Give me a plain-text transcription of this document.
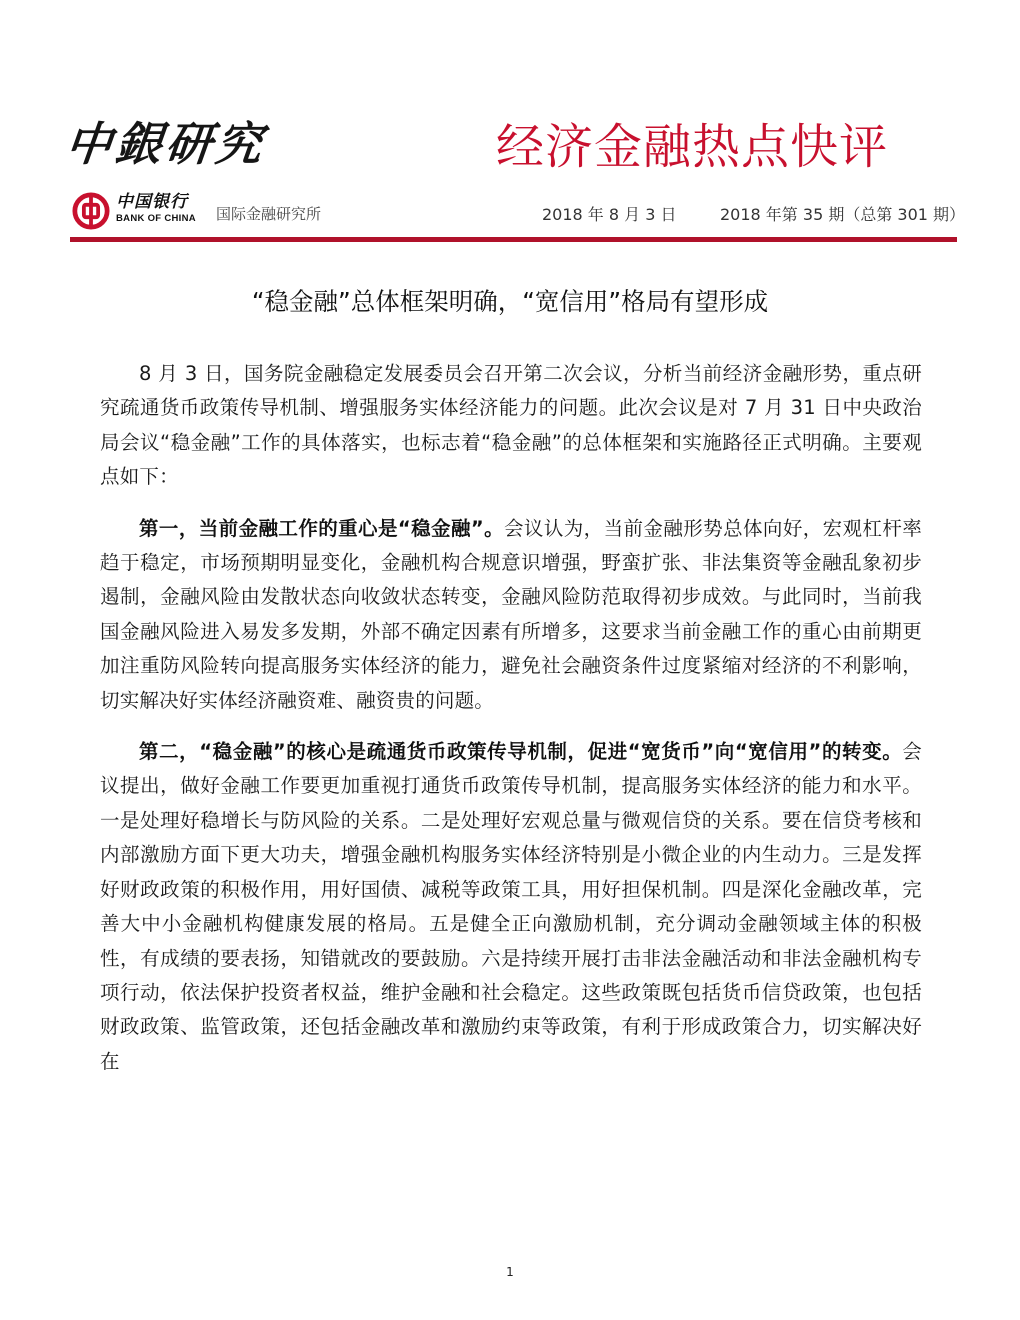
中銀研究	经济金融热点快评
中国银行
BANK OF CHINA	国际金融研究所	2018 年 8 月 3 日	2018 年第 35 期（总第 301 期）
“稳金融”总体框架明确，“宽信用”格局有望形成

8 月 3 日，国务院金融稳定发展委员会召开第二次会议，分析当前经济金融形势，重点研究疏通货币政策传导机制、增强服务实体经济能力的问题。此次会议是对 7 月 31 日中央政治局会议“稳金融”工作的具体落实，也标志着“稳金融”的总体框架和实施路径正式明确。主要观点如下：

第一，当前金融工作的重心是“稳金融”。会议认为，当前金融形势总体向好，宏观杠杆率趋于稳定，市场预期明显变化，金融机构合规意识增强，野蛮扩张、非法集资等金融乱象初步遏制，金融风险由发散状态向收敛状态转变，金融风险防范取得初步成效。与此同时，当前我国金融风险进入易发多发期，外部不确定因素有所增多，这要求当前金融工作的重心由前期更加注重防风险转向提高服务实体经济的能力，避免社会融资条件过度紧缩对经济的不利影响，切实解决好实体经济融资难、融资贵的问题。

第二，“稳金融”的核心是疏通货币政策传导机制，促进“宽货币”向“宽信用”的转变。会议提出，做好金融工作要更加重视打通货币政策传导机制，提高服务实体经济的能力和水平。一是处理好稳增长与防风险的关系。二是处理好宏观总量与微观信贷的关系。要在信贷考核和内部激励方面下更大功夫，增强金融机构服务实体经济特别是小微企业的内生动力。三是发挥好财政政策的积极作用，用好国债、减税等政策工具，用好担保机制。四是深化金融改革，完善大中小金融机构健康发展的格局。五是健全正向激励机制，充分调动金融领域主体的积极性，有成绩的要表扬，知错就改的要鼓励。六是持续开展打击非法金融活动和非法金融机构专项行动，依法保护投资者权益，维护金融和社会稳定。这些政策既包括货币信贷政策，也包括财政政策、监管政策，还包括金融改革和激励约束等政策，有利于形成政策合力，切实解决好在

1
